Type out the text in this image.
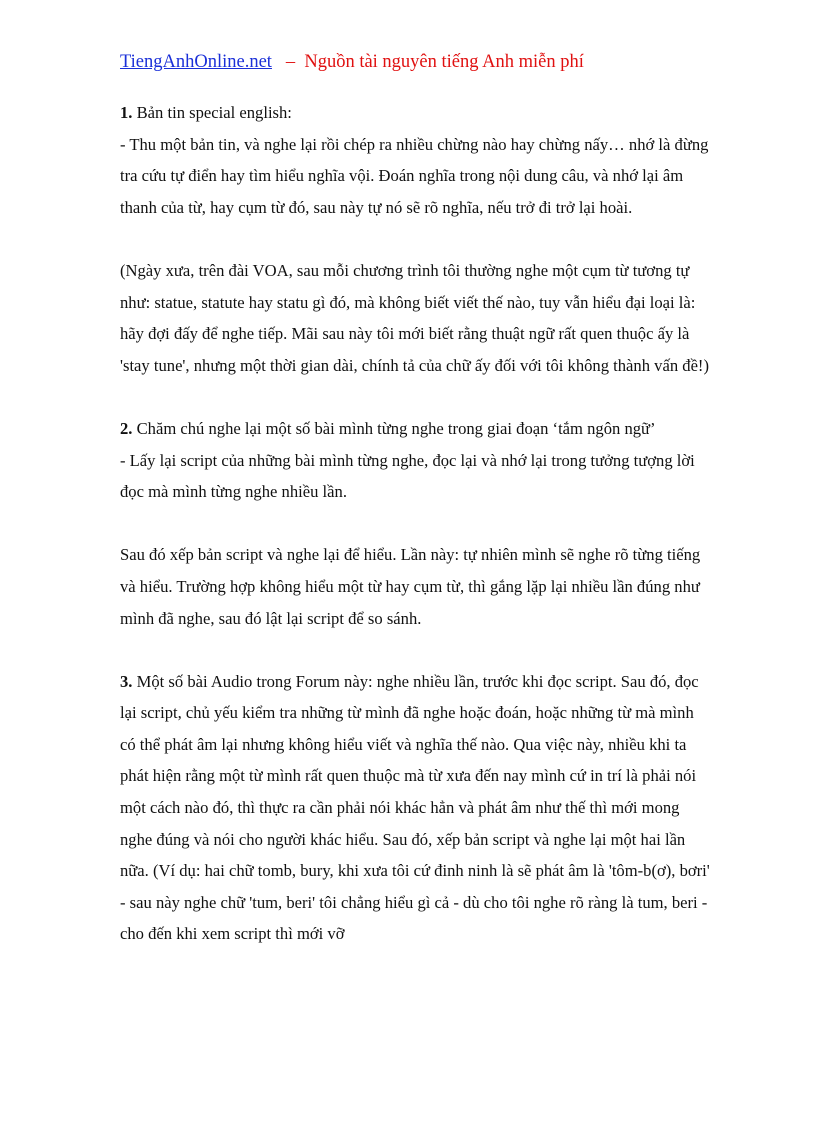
TiengAnhOnline.net – Nguồn tài nguyên tiếng Anh miễn phí

1. Bản tin special english:

- Thu một bản tin, và nghe lại rồi chép ra nhiều chừng nào hay chừng nấy… nhớ là đừng tra cứu tự điển hay tìm hiểu nghĩa vội. Đoán nghĩa trong nội dung câu, và nhớ lại âm thanh của từ, hay cụm từ đó, sau này tự nó sẽ rõ nghĩa, nếu trở đi trở lại hoài.

(Ngày xưa, trên đài VOA, sau mỗi chương trình tôi thường nghe một cụm từ tương tự như: statue, statute hay statu gì đó, mà không biết viết thế nào, tuy vẫn hiểu đại loại là: hãy đợi đấy để nghe tiếp. Mãi sau này tôi mới biết rằng thuật ngữ rất quen thuộc ấy là 'stay tune', nhưng một thời gian dài, chính tả của chữ ấy đối với tôi không thành vấn đề!)

2. Chăm chú nghe lại một số bài mình từng nghe trong giai đoạn ‘tắm ngôn ngữ’

- Lấy lại script của những bài mình từng nghe, đọc lại và nhớ lại trong tưởng tượng lời đọc mà mình từng nghe nhiều lần.

Sau đó xếp bản script và nghe lại để hiểu. Lần này: tự nhiên mình sẽ nghe rõ từng tiếng và hiểu. Trường hợp không hiểu một từ hay cụm từ, thì gắng lặp lại nhiều lần đúng như mình đã nghe, sau đó lật lại script để so sánh.

3. Một số bài Audio trong Forum này: nghe nhiều lần, trước khi đọc script. Sau đó, đọc lại script, chủ yếu kiểm tra những từ mình đã nghe hoặc đoán, hoặc những từ mà mình có thể phát âm lại nhưng không hiểu viết và nghĩa thế nào. Qua việc này, nhiều khi ta phát hiện rằng một từ mình rất quen thuộc mà từ xưa đến nay mình cứ in trí là phải nói một cách nào đó, thì thực ra cần phải nói khác hẳn và phát âm như thế thì mới mong nghe đúng và nói cho người khác hiểu. Sau đó, xếp bản script và nghe lại một hai lần nữa. (Ví dụ: hai chữ tomb, bury, khi xưa tôi cứ đinh ninh là sẽ phát âm là 'tôm-b(ơ), bơri' - sau này nghe chữ 'tum, beri' tôi chẳng hiểu gì cả - dù cho tôi nghe rõ ràng là tum, beri -cho đến khi xem script thì mới vỡ
